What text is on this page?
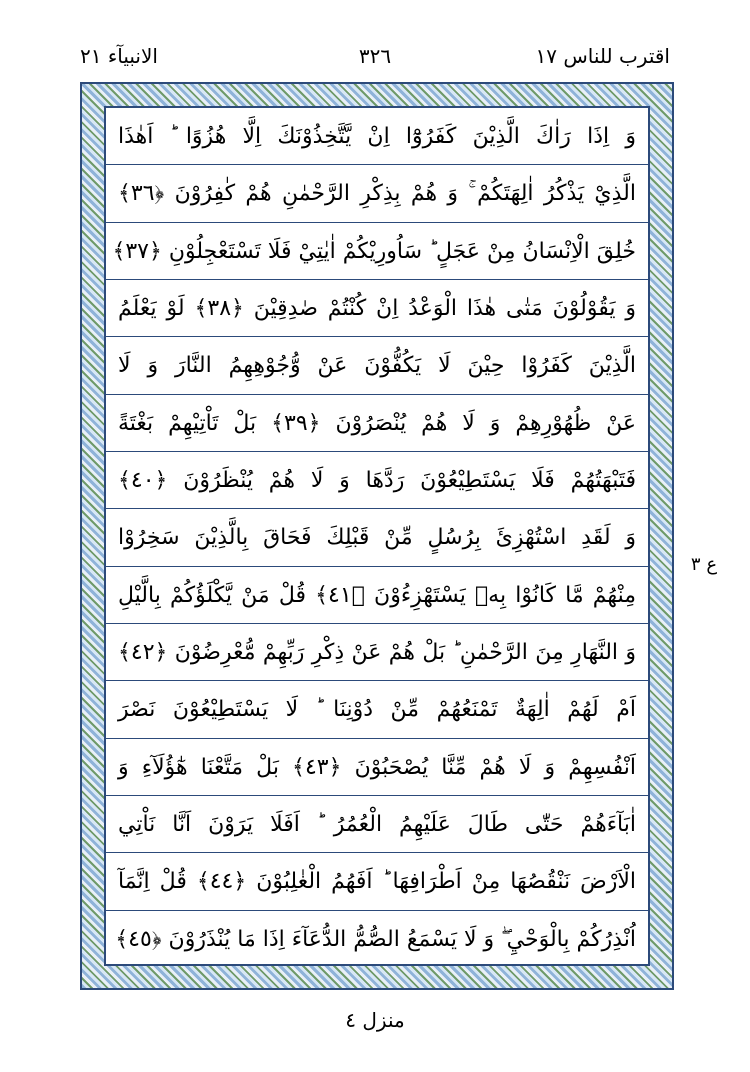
اقترب للناس ١٧
٣٢٦
الانبیآء ٢١
وَ اِذَا رَاٰكَ الَّذِيْنَ كَفَرُوْٓا اِنْ يَّتَّخِذُوْنَكَ اِلَّا هُزُوًا ؕ اَهٰذَا
الَّذِيْ يَذْكُرُ اٰلِهَتَكُمْ ۚ وَ هُمْ بِذِكْرِ الرَّحْمٰنِ هُمْ كٰفِرُوْنَ ﴿٣٦﴾
خُلِقَ الْاِنْسَانُ مِنْ عَجَلٍ ؕ سَاُورِيْكُمْ اٰيٰتِيْ فَلَا تَسْتَعْجِلُوْنِ ﴿٣٧﴾
وَ يَقُوْلُوْنَ مَتٰى هٰذَا الْوَعْدُ اِنْ كُنْتُمْ صٰدِقِيْنَ ﴿٣٨﴾ لَوْ يَعْلَمُ
الَّذِيْنَ كَفَرُوْا حِيْنَ لَا يَكُفُّوْنَ عَنْ وُّجُوْهِهِمُ النَّارَ وَ لَا
عَنْ ظُهُوْرِهِمْ وَ لَا هُمْ يُنْصَرُوْنَ ﴿٣٩﴾ بَلْ تَاْتِيْهِمْ بَغْتَةً
فَتَبْهَتُهُمْ فَلَا يَسْتَطِيْعُوْنَ رَدَّهَا وَ لَا هُمْ يُنْظَرُوْنَ ﴿٤٠﴾
وَ لَقَدِ اسْتُهْزِئَ بِرُسُلٍ مِّنْ قَبْلِكَ فَحَاقَ بِالَّذِيْنَ سَخِرُوْا
مِنْهُمْ مَّا كَانُوْا بِهٖ يَسْتَهْزِءُوْنَ ﴿٤١﴾ قُلْ مَنْ يَّكْلَؤُكُمْ بِالَّيْلِ
وَ النَّهَارِ مِنَ الرَّحْمٰنِ ؕ بَلْ هُمْ عَنْ ذِكْرِ رَبِّهِمْ مُّعْرِضُوْنَ ﴿٤٢﴾
اَمْ لَهُمْ اٰلِهَةٌ تَمْنَعُهُمْ مِّنْ دُوْنِنَا ؕ لَا يَسْتَطِيْعُوْنَ نَصْرَ
اَنْفُسِهِمْ وَ لَا هُمْ مِّنَّا يُصْحَبُوْنَ ﴿٤٣﴾ بَلْ مَتَّعْنَا هٰٓؤُلَآءِ وَ
اٰبَآءَهُمْ حَتّٰى طَالَ عَلَيْهِمُ الْعُمُرُ ؕ اَفَلَا يَرَوْنَ اَنَّا نَاْتِي
الْاَرْضَ نَنْقُصُهَا مِنْ اَطْرَافِهَا ؕ اَفَهُمُ الْغٰلِبُوْنَ ﴿٤٤﴾ قُلْ اِنَّمَآ
اُنْذِرُكُمْ بِالْوَحْيِ ۖؗ وَ لَا يَسْمَعُ الصُّمُّ الدُّعَآءَ اِذَا مَا يُنْذَرُوْنَ ﴿٤٥﴾
ع ٣
منزل ٤
